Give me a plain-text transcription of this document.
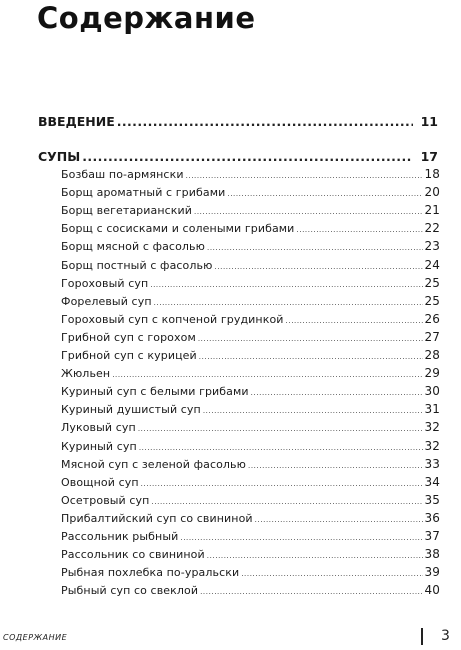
Содержание
ВВЕДЕНИЕ .....	11
СУПЫ .....	17
Бозбаш по-армянски .....	18
Борщ ароматный с грибами .....	20
Борщ вегетарианский .....	21
Борщ с сосисками и солеными грибами .....	22
Борщ мясной с фасолью .....	23
Борщ постный с фасолью .....	24
Гороховый суп .....	25
Форелевый суп .....	25
Гороховый суп с копченой грудинкой .....	26
Грибной суп с горохом .....	27
Грибной суп с курицей .....	28
Жюльен .....	29
Куриный суп с белыми грибами .....	30
Куриный душистый суп .....	31
Луковый суп .....	32
Куриный суп .....	32
Мясной суп с зеленой фасолью .....	33
Овощной суп .....	34
Осетровый суп .....	35
Прибалтийский суп со свининой .....	36
Рассольник рыбный .....	37
Рассольник со свининой .....	38
Рыбная похлебка по-уральски .....	39
Рыбный суп со свеклой .....	40
СОДЕРЖАНИЕ	3
